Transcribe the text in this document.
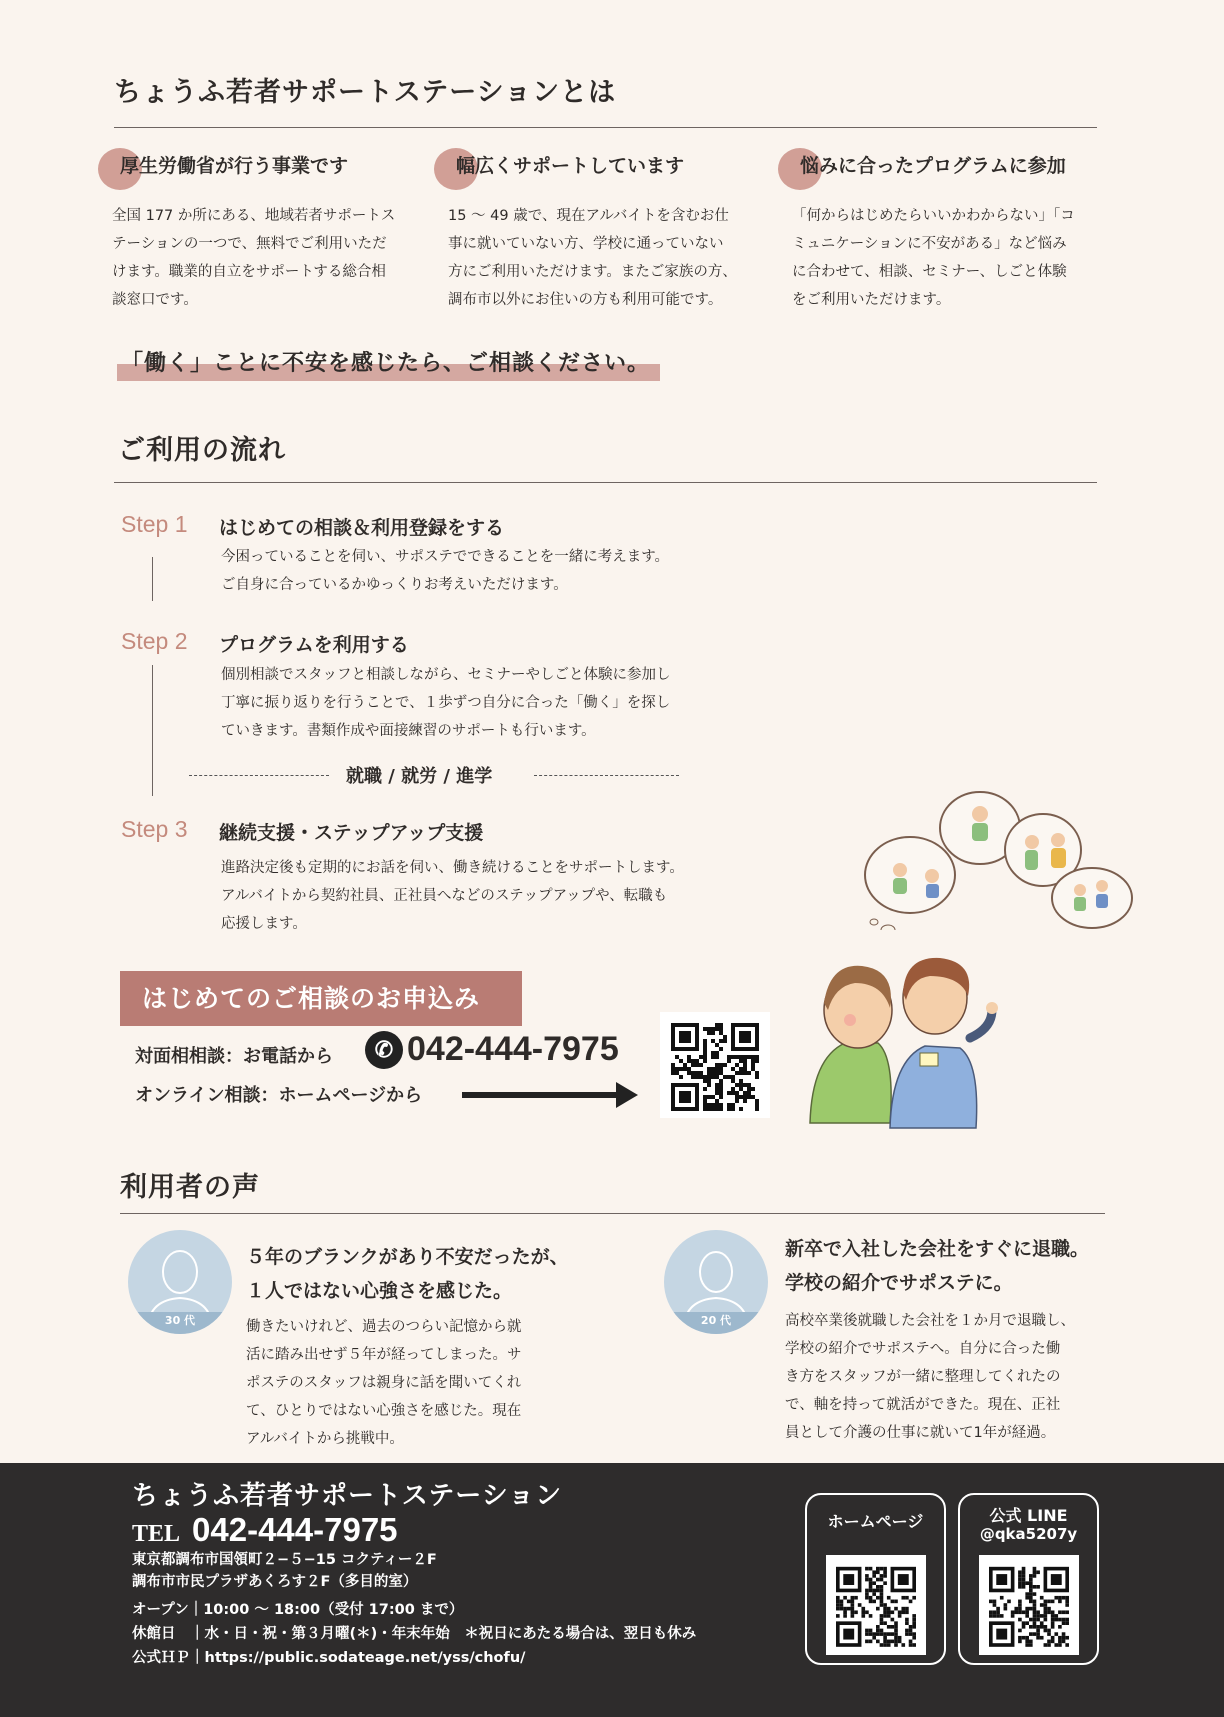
ちょうふ若者サポートステーションとは
厚生労働省が行う事業です
全国 177 か所にある、地域若者サポートス
テーションの一つで、無料でご利用いただ
けます。職業的自立をサポートする総合相
談窓口です。
幅広くサポートしています
15 ～ 49 歳で、現在アルバイトを含むお仕
事に就いていない方、学校に通っていない
方にご利用いただけます。またご家族の方、
調布市以外にお住いの方も利用可能です。
悩みに合ったプログラムに参加
「何からはじめたらいいかわからない」「コ
ミュニケーションに不安がある」など悩み
に合わせて、相談、セミナー、しごと体験
をご利用いただけます。
「働く」ことに不安を感じたら、ご相談ください。
ご利用の流れ
Step 1 はじめての相談＆利用登録をする
今困っていることを伺い、サポステでできることを一緒に考えます。
ご自身に合っているかゆっくりお考えいただけます。
Step 2 プログラムを利用する
個別相談でスタッフと相談しながら、セミナーやしごと体験に参加し
丁寧に振り返りを行うことで、１歩ずつ自分に合った「働く」を探し
ていきます。書類作成や面接練習のサポートも行います。
就職 / 就労 / 進学
Step 3 継続支援・ステップアップ支援
進路決定後も定期的にお話を伺い、働き続けることをサポートします。
アルバイトから契約社員、正社員へなどのステップアップや、転職も
応援します。
はじめてのご相談のお申込み
対面相相談：お電話から	✆ 042-444-7975
オンライン相談：ホームページから
利用者の声
30 代
５年のブランクがあり不安だったが、
１人ではない心強さを感じた。
働きたいけれど、過去のつらい記憶から就
活に踏み出せず５年が経ってしまった。サ
ポステのスタッフは親身に話を聞いてくれ
て、ひとりではない心強さを感じた。現在
アルバイトから挑戦中。
20 代
新卒で入社した会社をすぐに退職。
学校の紹介でサポステに。
高校卒業後就職した会社を１か月で退職し、
学校の紹介でサポステへ。自分に合った働
き方をスタッフが一緒に整理してくれたの
で、軸を持って就活ができた。現在、正社
員として介護の仕事に就いて1年が経過。
ちょうふ若者サポートステーション
TEL 042-444-7975
東京都調布市国領町２−５−15 コクティー２F
調布市市民プラザあくろす２F（多目的室）
オープン｜10:00 ～ 18:00（受付 17:00 まで）
休館日　｜水・日・祝・第３月曜(＊)・年末年始　＊祝日にあたる場合は、翌日も休み
公式ＨＰ｜https://public.sodateage.net/yss/chofu/
ホームページ	公式 LINE
@qka5207y
